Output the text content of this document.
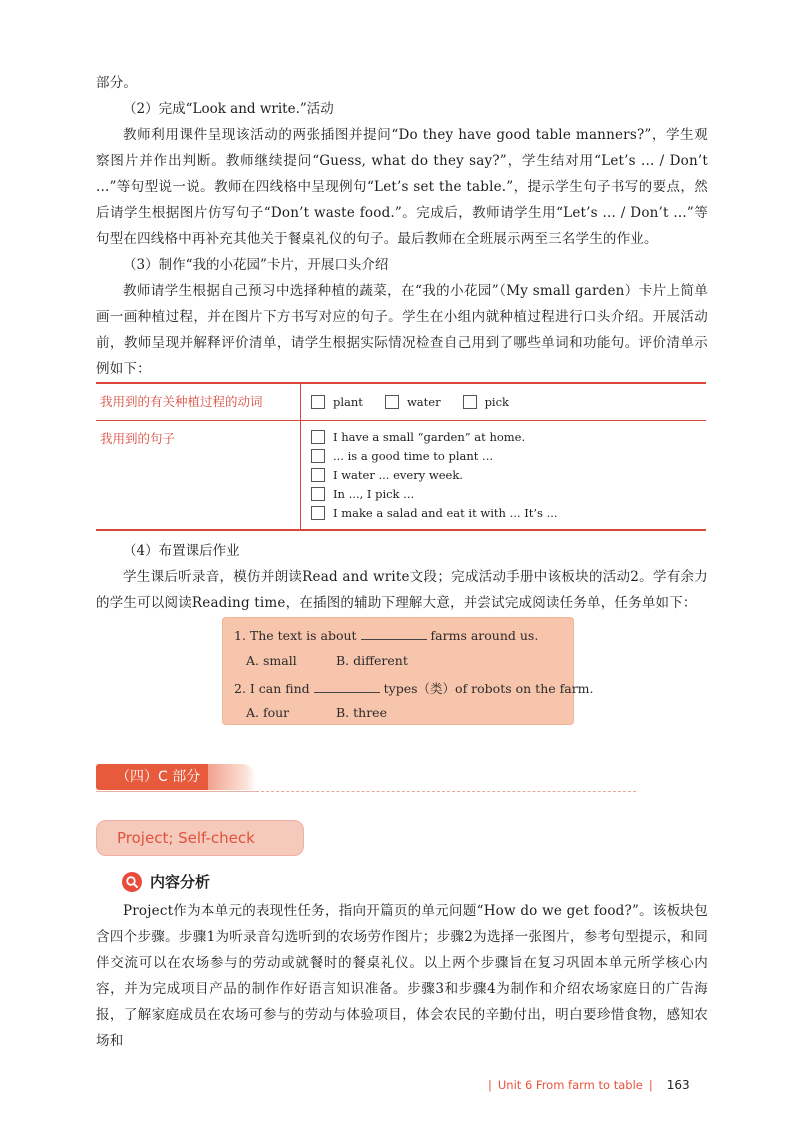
部分。

（2）完成“Look and write.”活动

教师利用课件呈现该活动的两张插图并提问“Do they have good table manners?”，学生观察图片并作出判断。教师继续提问“Guess, what do they say?”，学生结对用“Let’s ... / Don’t ...”等句型说一说。教师在四线格中呈现例句“Let’s set the table.”，提示学生句子书写的要点，然后请学生根据图片仿写句子“Don’t waste food.”。完成后，教师请学生用“Let’s ... / Don’t ...”等句型在四线格中再补充其他关于餐桌礼仪的句子。最后教师在全班展示两至三名学生的作业。

（3）制作“我的小花园”卡片，开展口头介绍

教师请学生根据自己预习中选择种植的蔬菜，在“我的小花园”（My small garden）卡片上简单画一画种植过程，并在图片下方书写对应的句子。学生在小组内就种植过程进行口头介绍。开展活动前，教师呈现并解释评价清单，请学生根据实际情况检查自己用到了哪些单词和功能句。评价清单示例如下：

我用到的有关种植过程的动词	plant	water	pick
我用到的句子	I have a small “garden” at home.
... is a good time to plant ...
I water ... every week.
In ..., I pick ...
I make a salad and eat it with ... It’s ...

（4）布置课后作业

学生课后听录音，模仿并朗读Read and write文段；完成活动手册中该板块的活动2。学有余力的学生可以阅读Reading time，在插图的辅助下理解大意，并尝试完成阅读任务单，任务单如下：

1. The text is about	farms around us.
A. small	B. different
2. I can find	types（类）of robots on the farm.
A. four	B. three
（四）C 部分
Project; Self-check
内容分析

Project作为本单元的表现性任务，指向开篇页的单元问题“How do we get food?”。该板块包含四个步骤。步骤1为听录音勾选听到的农场劳作图片；步骤2为选择一张图片，参考句型提示，和同伴交流可以在农场参与的劳动或就餐时的餐桌礼仪。以上两个步骤旨在复习巩固本单元所学核心内容，并为完成项目产品的制作作好语言知识准备。步骤3和步骤4为制作和介绍农场家庭日的广告海报，了解家庭成员在农场可参与的劳动与体验项目，体会农民的辛勤付出，明白要珍惜食物，感知农场和

| Unit 6 From farm to table | 163
